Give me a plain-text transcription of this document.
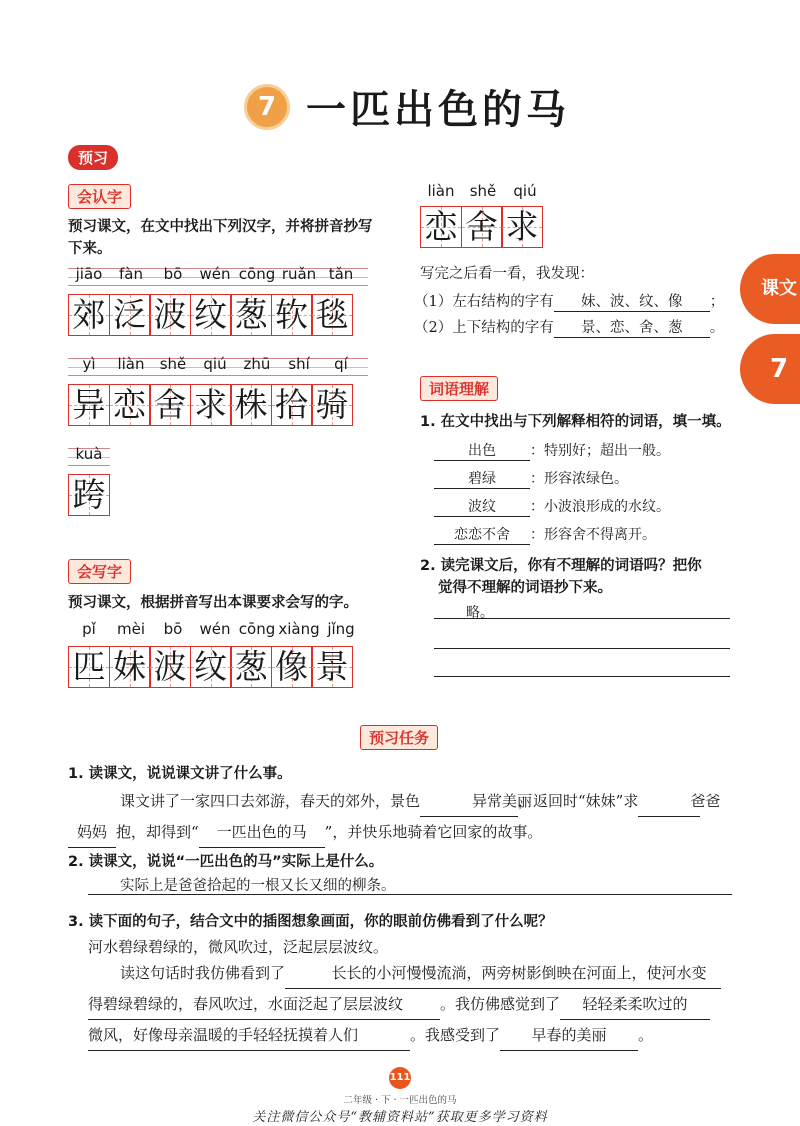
7 一匹出色的马
预习
会认字
预习课文，在文中找出下列汉字，并将拼音抄写下来。
jiāo	fàn	bō	wén cōng ruǎn tǎn
郊 泛 波 纹 葱 软 毯
yì	liàn	shě	qiú	zhū	shí	qí
异 恋 舍 求 株 拾 骑
kuà
跨
会写字
预习课文，根据拼音写出本课要求会写的字。
pǐ	mèi	bō	wén cōng xiàng jǐng
匹 妹 波 纹 葱 像 景
liàn	shě	qiú
恋 舍 求
写完之后看一看，我发现：
（1）左右结构的字有 妹、波、纹、像 ；
（2）上下结构的字有 景、恋、舍、葱 。
词语理解
1. 在文中找出与下列解释相符的词语，填一填。
出色 ：特别好；超出一般。
碧绿 ：形容浓绿色。
波纹 ：小波浪形成的水纹。
恋恋不舍 ：形容舍不得离开。
2. 读完课文后，你有不理解的词语吗？把你
觉得不理解的词语抄下来。
略。
课文
7
预习任务
1. 读课文，说说课文讲了什么事。
课文讲了一家四口去郊游，春天的郊外，景色	异常美丽，返回时“妹妹”求	爸爸
妈妈 抱，却得到“ 一匹出色的马 ”，并快乐地骑着它回家的故事。
2. 读课文，说说“一匹出色的马”实际上是什么。
实际上是爸爸拾起的一根又长又细的柳条。
3. 读下面的句子，结合文中的插图想象画面，你的眼前仿佛看到了什么呢？
河水碧绿碧绿的，微风吹过，泛起层层波纹。
读这句话时我仿佛看到了	长长的小河慢慢流淌，两旁树影倒映在河面上，使河水变
得碧绿碧绿的，春风吹过，水面泛起了层层波纹 。我仿佛感觉到了 轻轻柔柔吹过的
微风，好像母亲温暖的手轻轻抚摸着人们	。我感受到了 早春的美丽 。
111
二年级 · 下 · 一匹出色的马
关注微信公众号“教辅资料站”获取更多学习资料
